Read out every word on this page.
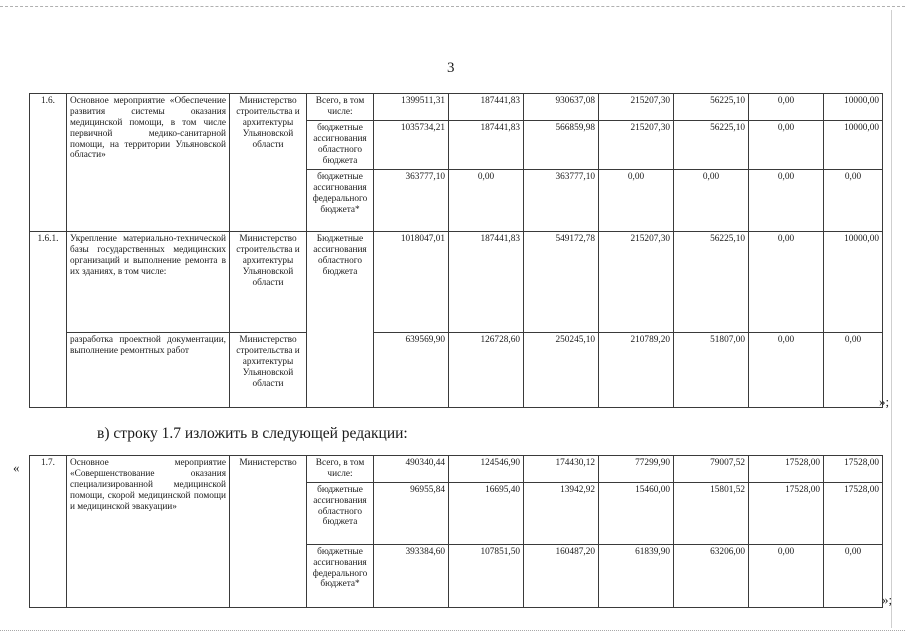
3
1.6.	Основное мероприятие «Обеспечение развития системы оказания медицинской помощи, в том числе первичной медико-санитарной помощи, на территории Ульяновской области»	Министерство строительства и архитектуры Ульяновской области	Всего, в том числе:	1399511,31	187441,83	930637,08	215207,30	56225,10	0,00	10000,00
			бюджетные ассигнования областного бюджета	1035734,21	187441,83	566859,98	215207,30	56225,10	0,00	10000,00
			бюджетные ассигнования федерального бюджета*	363777,10	0,00	363777,10	0,00	0,00	0,00	0,00
1.6.1.	Укрепление материально-технической базы государственных медицинских организаций и выполнение ремонта в их зданиях, в том числе:	Министерство строительства и архитектуры Ульяновской области	Бюджетные ассигнования областного бюджета	1018047,01	187441,83	549172,78	215207,30	56225,10	0,00	10000,00
	разработка проектной документации, выполнение ремонтных работ	Министерство строительства и архитектуры Ульяновской области		639569,90	126728,60	250245,10	210789,20	51807,00	0,00	0,00
»;
в) строку 1.7 изложить в следующей редакции:
« 1.7.	Основное мероприятие «Совершенствование оказания специализированной медицинской помощи, скорой медицинской помощи и медицинской эвакуации»	Министерство	Всего, в том числе:	490340,44	124546,90	174430,12	77299,90	79007,52	17528,00	17528,00
			бюджетные ассигнования областного бюджета	96955,84	16695,40	13942,92	15460,00	15801,52	17528,00	17528,00
			бюджетные ассигнования федерального бюджета*	393384,60	107851,50	160487,20	61839,90	63206,00	0,00	0,00
»;
